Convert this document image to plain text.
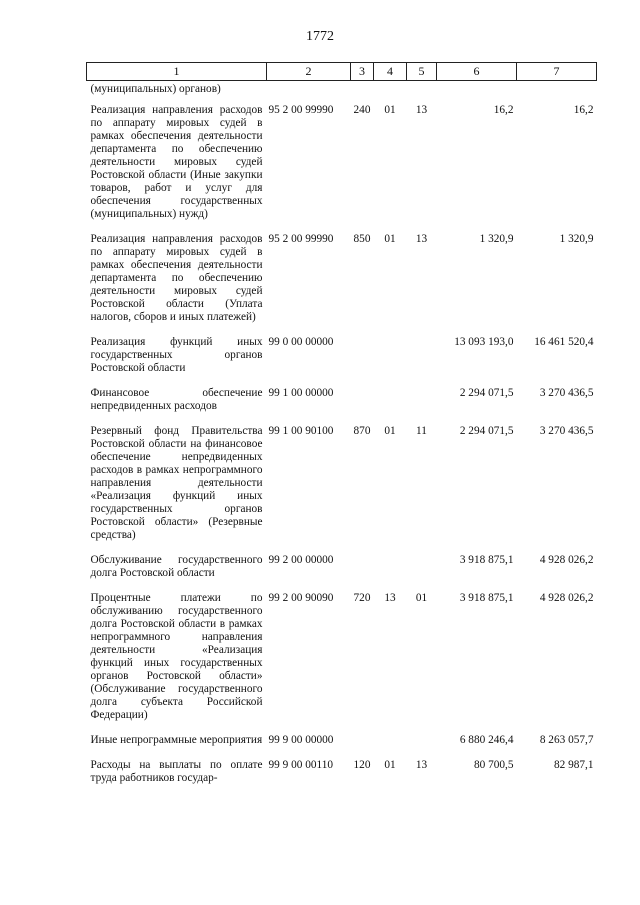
1772
1	2	3	4	5	6	7
(муниципальных) органов)						
Реализация направления расходов по аппарату мировых судей в рамках обеспечения деятельности департамента по обеспечению деятельности мировых судей Ростовской области (Иные закупки товаров, работ и услуг для обеспечения государственных (муниципальных) нужд)	95 2 00 99990	240	01	13	16,2	16,2
Реализация направления расходов по аппарату мировых судей в рамках обеспечения деятельности департамента по обеспечению деятельности мировых судей Ростовской области (Уплата налогов, сборов и иных платежей)	95 2 00 99990	850	01	13	1 320,9	1 320,9
Реализация функций иных государственных органов Ростовской области	99 0 00 00000				13 093 193,0	16 461 520,4
Финансовое обеспечение непредвиденных расходов	99 1 00 00000				2 294 071,5	3 270 436,5
Резервный фонд Правительства Ростовской области на финансовое обеспечение непредвиденных расходов в рамках непрограммного направления деятельности «Реализация функций иных государственных органов Ростовской области» (Резервные средства)	99 1 00 90100	870	01	11	2 294 071,5	3 270 436,5
Обслуживание государственного долга Ростовской области	99 2 00 00000				3 918 875,1	4 928 026,2
Процентные платежи по обслуживанию государственного долга Ростовской области в рамках непрограммного направления деятельности «Реализация функций иных государственных органов Ростовской области» (Обслуживание государственного долга субъекта Российской Федерации)	99 2 00 90090	720	13	01	3 918 875,1	4 928 026,2
Иные непрограммные мероприятия	99 9 00 00000				6 880 246,4	8 263 057,7
Расходы на выплаты по оплате труда работников государ-	99 9 00 00110	120	01	13	80 700,5	82 987,1
